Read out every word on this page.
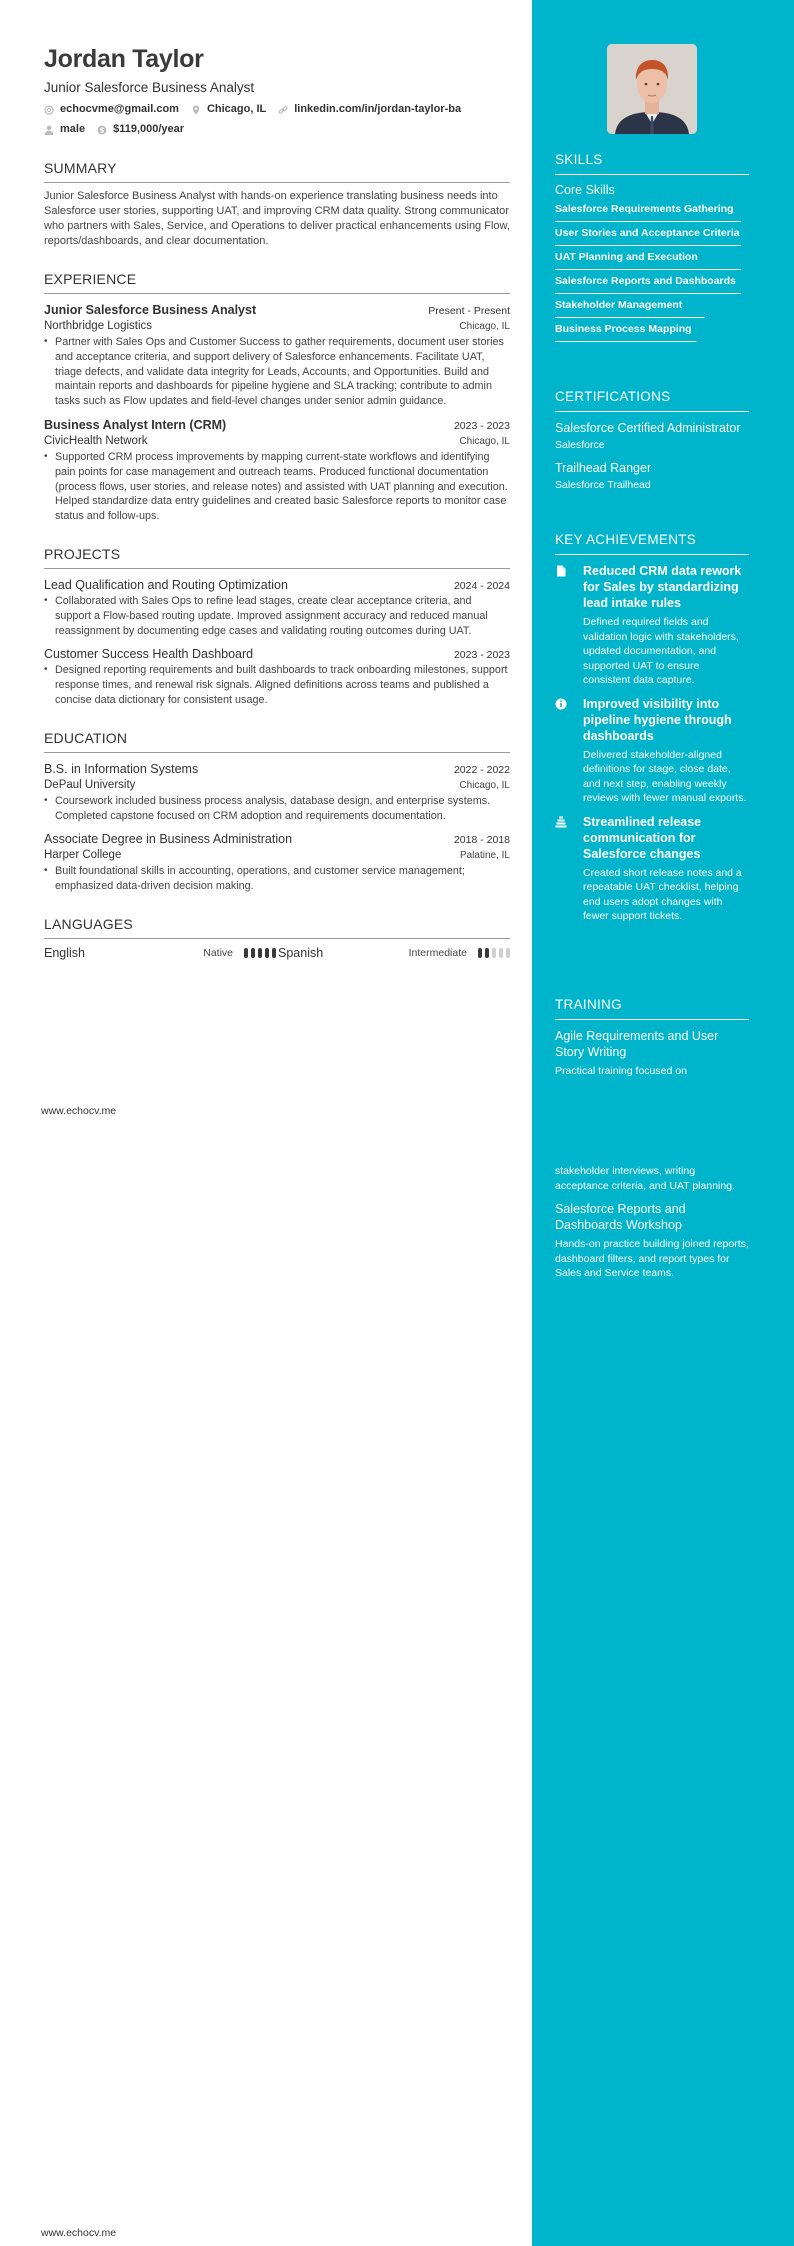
Jordan Taylor
Junior Salesforce Business Analyst
echocvme@gmail.com	Chicago, IL	linkedin.com/in/jordan-taylor-ba
male $ $119,000/year
SUMMARY
Junior Salesforce Business Analyst with hands-on experience translating business needs into Salesforce user stories, supporting UAT, and improving CRM data quality. Strong communicator who partners with Sales, Service, and Operations to deliver practical enhancements using Flow, reports/dashboards, and clear documentation.
EXPERIENCE
Junior Salesforce Business Analyst	Present - Present
Northbridge Logistics	Chicago, IL
• Partner with Sales Ops and Customer Success to gather requirements, document user stories and acceptance criteria, and support delivery of Salesforce enhancements. Facilitate UAT, triage defects, and validate data integrity for Leads, Accounts, and Opportunities. Build and maintain reports and dashboards for pipeline hygiene and SLA tracking; contribute to admin tasks such as Flow updates and field-level changes under senior admin guidance.
Business Analyst Intern (CRM)	2023 - 2023
CivicHealth Network	Chicago, IL
• Supported CRM process improvements by mapping current-state workflows and identifying pain points for case management and outreach teams. Produced functional documentation (process flows, user stories, and release notes) and assisted with UAT planning and execution. Helped standardize data entry guidelines and created basic Salesforce reports to monitor case status and follow-ups.
PROJECTS
Lead Qualification and Routing Optimization	2024 - 2024
• Collaborated with Sales Ops to refine lead stages, create clear acceptance criteria, and support a Flow-based routing update. Improved assignment accuracy and reduced manual reassignment by documenting edge cases and validating routing outcomes during UAT.
Customer Success Health Dashboard	2023 - 2023
• Designed reporting requirements and built dashboards to track onboarding milestones, support response times, and renewal risk signals. Aligned definitions across teams and published a concise data dictionary for consistent usage.
EDUCATION
B.S. in Information Systems	2022 - 2022
DePaul University	Chicago, IL
• Coursework included business process analysis, database design, and enterprise systems. Completed capstone focused on CRM adoption and requirements documentation.
Associate Degree in Business Administration	2018 - 2018
Harper College	Palatine, IL
• Built foundational skills in accounting, operations, and customer service management; emphasized data-driven decision making.
LANGUAGES
English	Native	Spanish	Intermediate
www.echocv.me
www.echocv.me
SKILLS
Core Skills
Salesforce Requirements Gathering
User Stories and Acceptance Criteria
UAT Planning and Execution
Salesforce Reports and Dashboards
Stakeholder Management
Business Process Mapping
CERTIFICATIONS
Salesforce Certified Administrator
Salesforce
Trailhead Ranger
Salesforce Trailhead
KEY ACHIEVEMENTS
Reduced CRM data rework for Sales by standardizing lead intake rules
Defined required fields and validation logic with stakeholders, updated documentation, and supported UAT to ensure consistent data capture.
Improved visibility into pipeline hygiene through dashboards
Delivered stakeholder-aligned definitions for stage, close date, and next step, enabling weekly reviews with fewer manual exports.
Streamlined release communication for Salesforce changes
Created short release notes and a repeatable UAT checklist, helping end users adopt changes with fewer support tickets.
TRAINING
Agile Requirements and User Story Writing
Practical training focused on
stakeholder interviews, writing acceptance criteria, and UAT planning.
Salesforce Reports and Dashboards Workshop
Hands-on practice building joined reports, dashboard filters, and report types for Sales and Service teams.
